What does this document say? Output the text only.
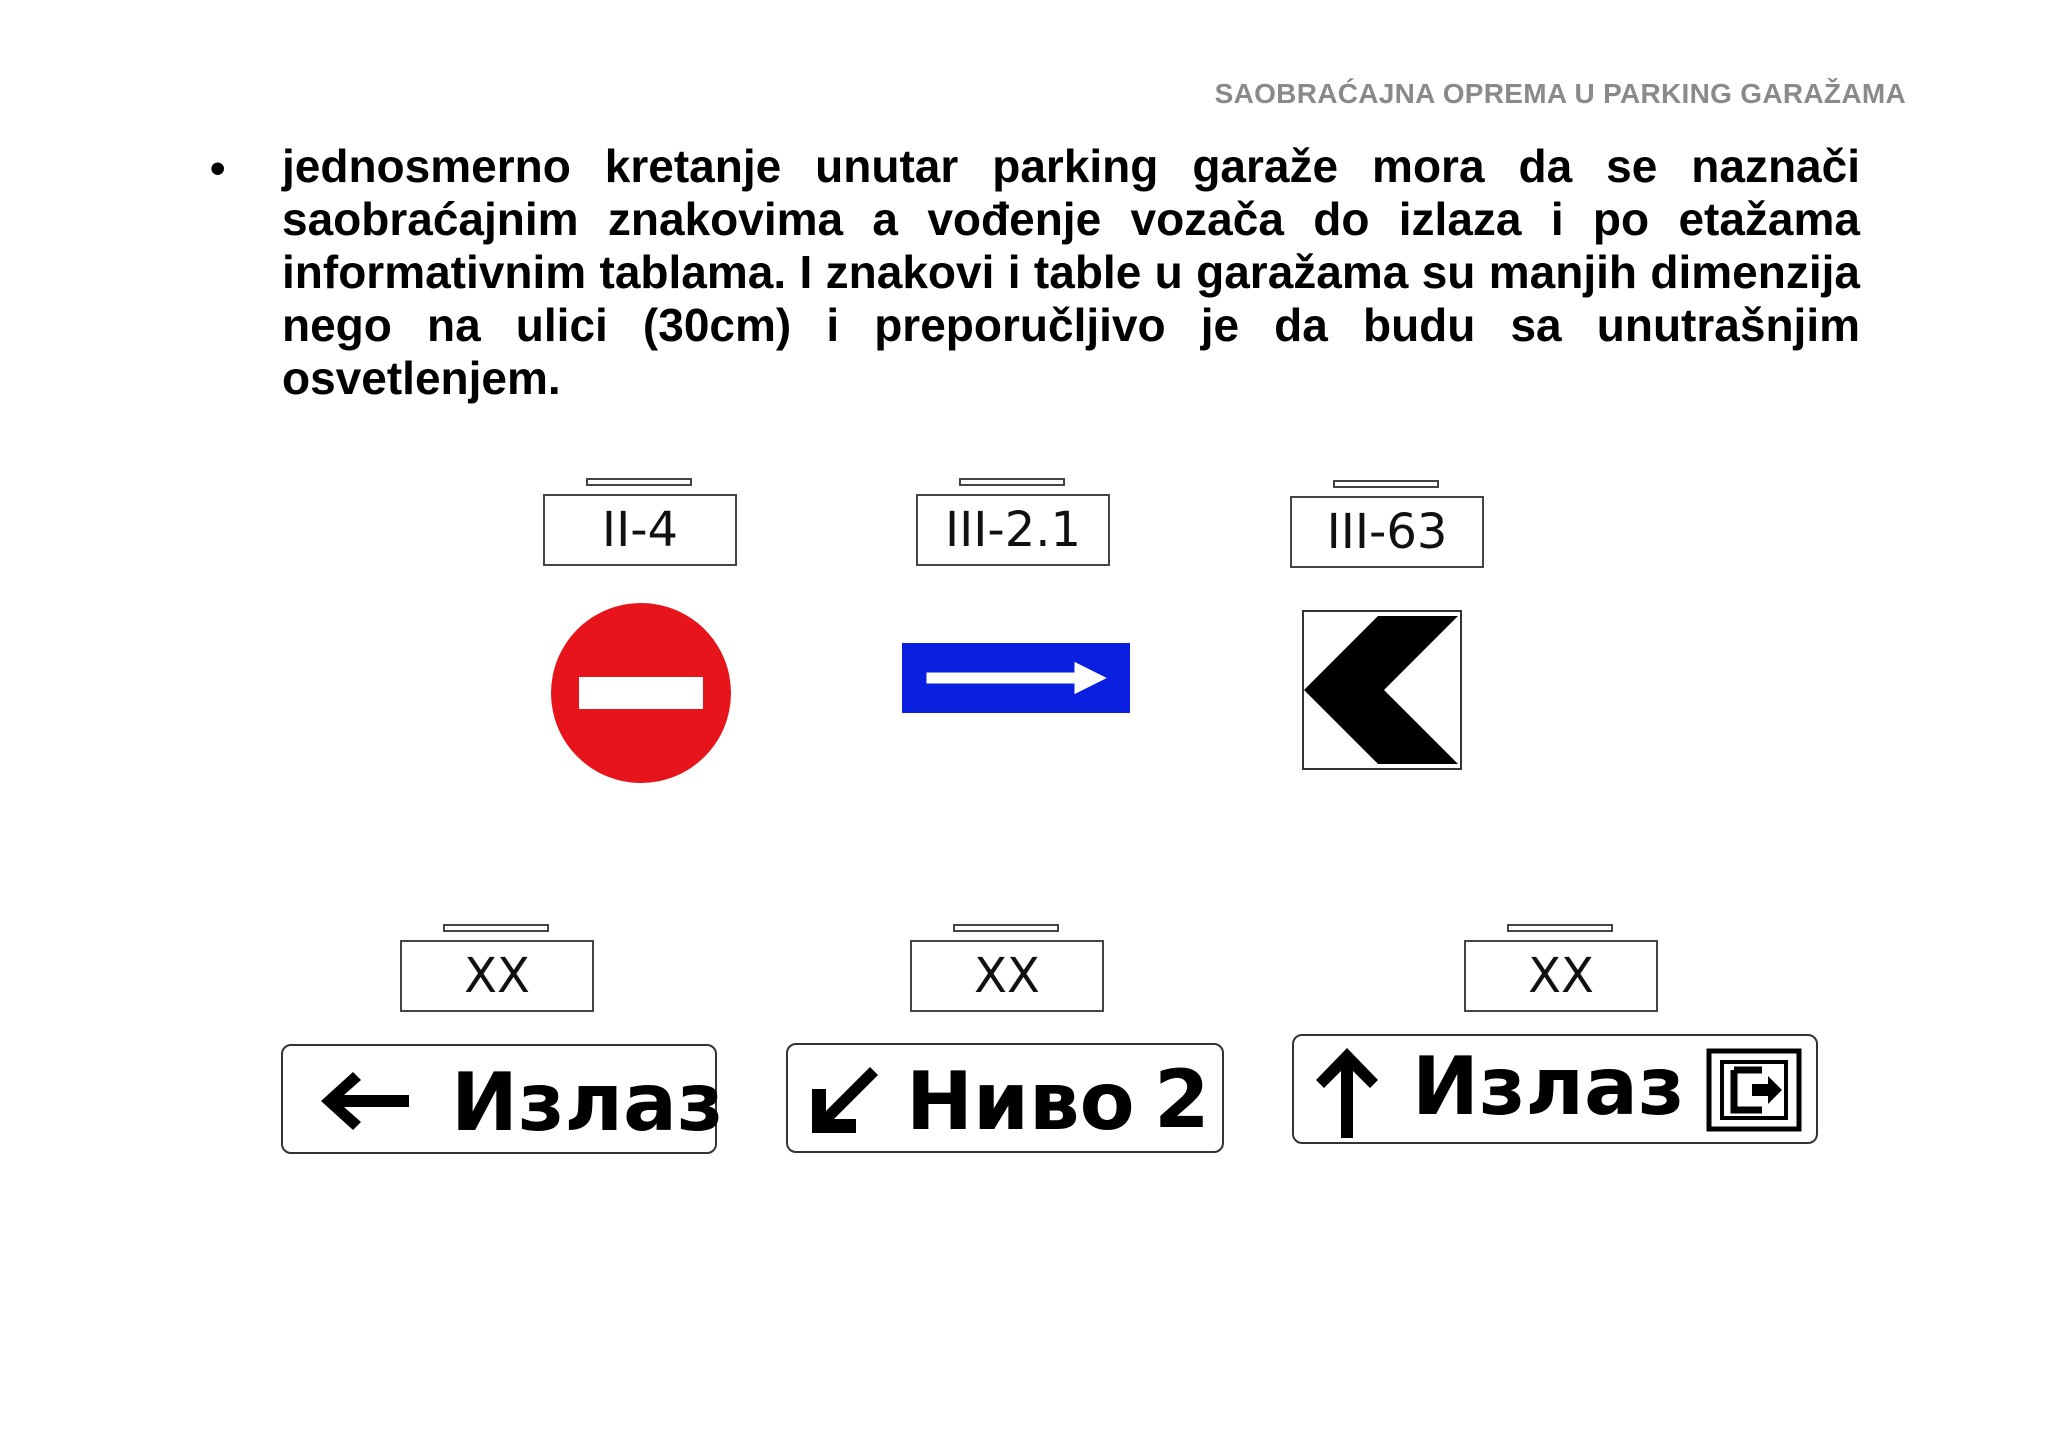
SAOBRAĆAJNA OPREMA U PARKING GARAŽAMA
• jednosmerno kretanje unutar parking garaže mora da se naznači saobraćajnim znakovima a vođenje vozača do izlaza i po etažama informativnim tablama. I znakovi i table u garažama su manjih dimenzija nego na ulici (30cm) i preporučljivo je da budu sa unutrašnjim osvetlenjem.
II-4	III-2.1	III-63
XX	XX	XX
Излаз Ниво 2	Излаз
